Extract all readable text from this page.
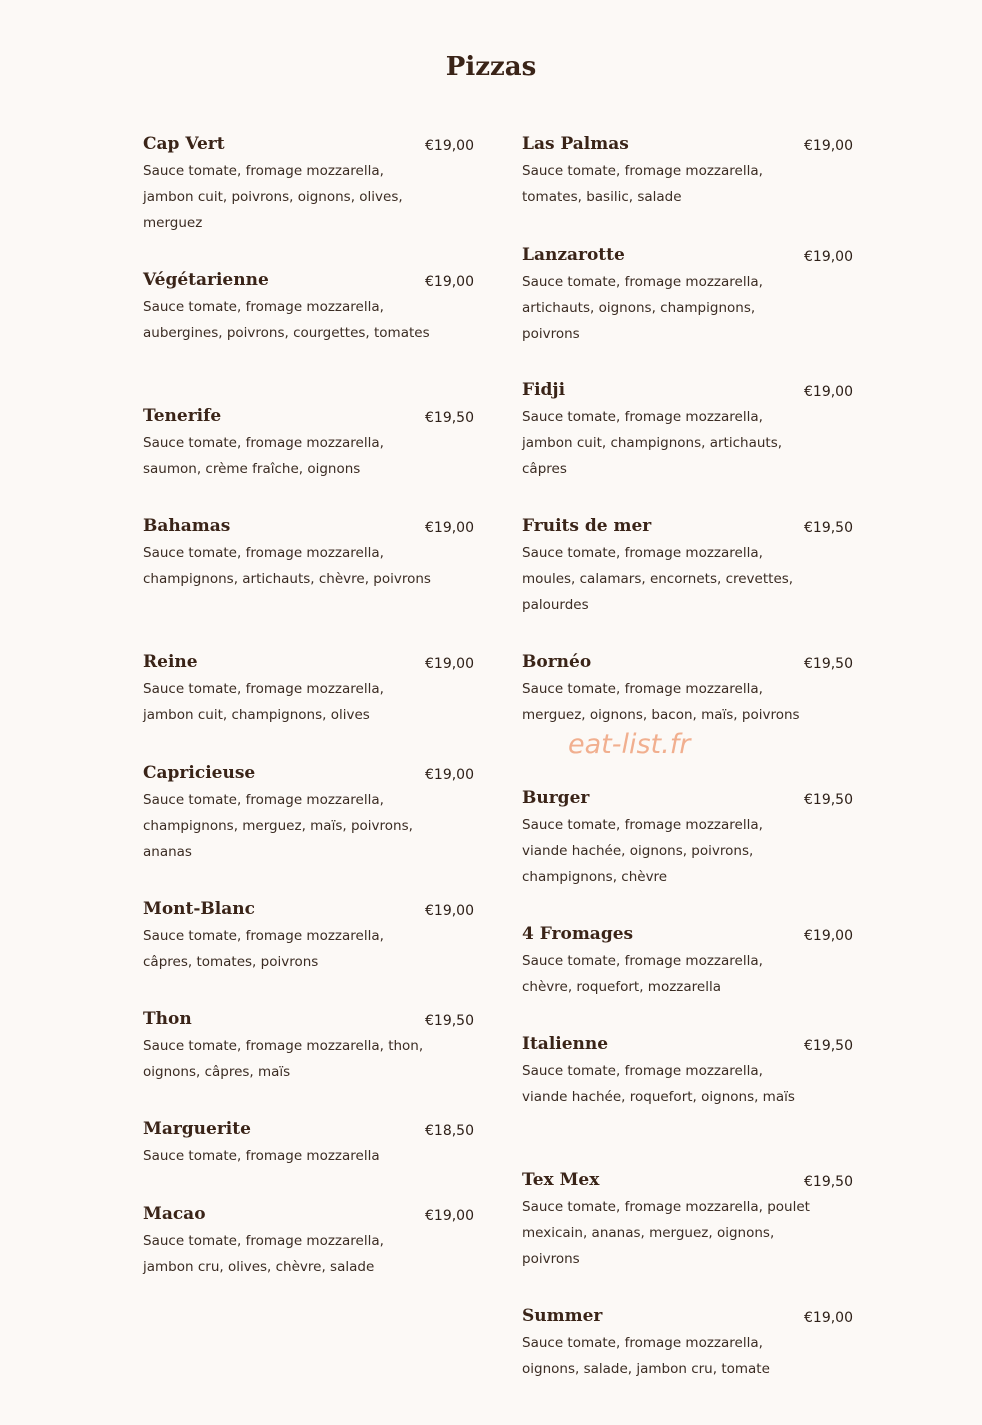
Pizzas
Cap Vert	€19,00
Sauce tomate, fromage mozzarella, jambon cuit, poivrons, oignons, olives, merguez
Végétarienne	€19,00
Sauce tomate, fromage mozzarella, aubergines, poivrons, courgettes, tomates
Tenerife	€19,50
Sauce tomate, fromage mozzarella, saumon, crème fraîche, oignons
Bahamas	€19,00
Sauce tomate, fromage mozzarella, champignons, artichauts, chèvre, poivrons
Reine	€19,00
Sauce tomate, fromage mozzarella, jambon cuit, champignons, olives
Capricieuse	€19,00
Sauce tomate, fromage mozzarella, champignons, merguez, maïs, poivrons, ananas
Mont-Blanc	€19,00
Sauce tomate, fromage mozzarella, câpres, tomates, poivrons
Thon	€19,50
Sauce tomate, fromage mozzarella, thon, oignons, câpres, maïs
Marguerite	€18,50
Sauce tomate, fromage mozzarella
Macao	€19,00
Sauce tomate, fromage mozzarella, jambon cru, olives, chèvre, salade
Las Palmas	€19,00
Sauce tomate, fromage mozzarella, tomates, basilic, salade
Lanzarotte	€19,00
Sauce tomate, fromage mozzarella, artichauts, oignons, champignons, poivrons
Fidji	€19,00
Sauce tomate, fromage mozzarella, jambon cuit, champignons, artichauts, câpres
Fruits de mer	€19,50
Sauce tomate, fromage mozzarella, moules, calamars, encornets, crevettes, palourdes
Bornéo	€19,50
Sauce tomate, fromage mozzarella, merguez, oignons, bacon, maïs, poivrons
Burger	€19,50
Sauce tomate, fromage mozzarella, viande hachée, oignons, poivrons, champignons, chèvre
4 Fromages	€19,00
Sauce tomate, fromage mozzarella, chèvre, roquefort, mozzarella
Italienne	€19,50
Sauce tomate, fromage mozzarella, viande hachée, roquefort, oignons, maïs
Tex Mex	€19,50
Sauce tomate, fromage mozzarella, poulet mexicain, ananas, merguez, oignons, poivrons
Summer	€19,00
Sauce tomate, fromage mozzarella, oignons, salade, jambon cru, tomate
eat-list.fr
